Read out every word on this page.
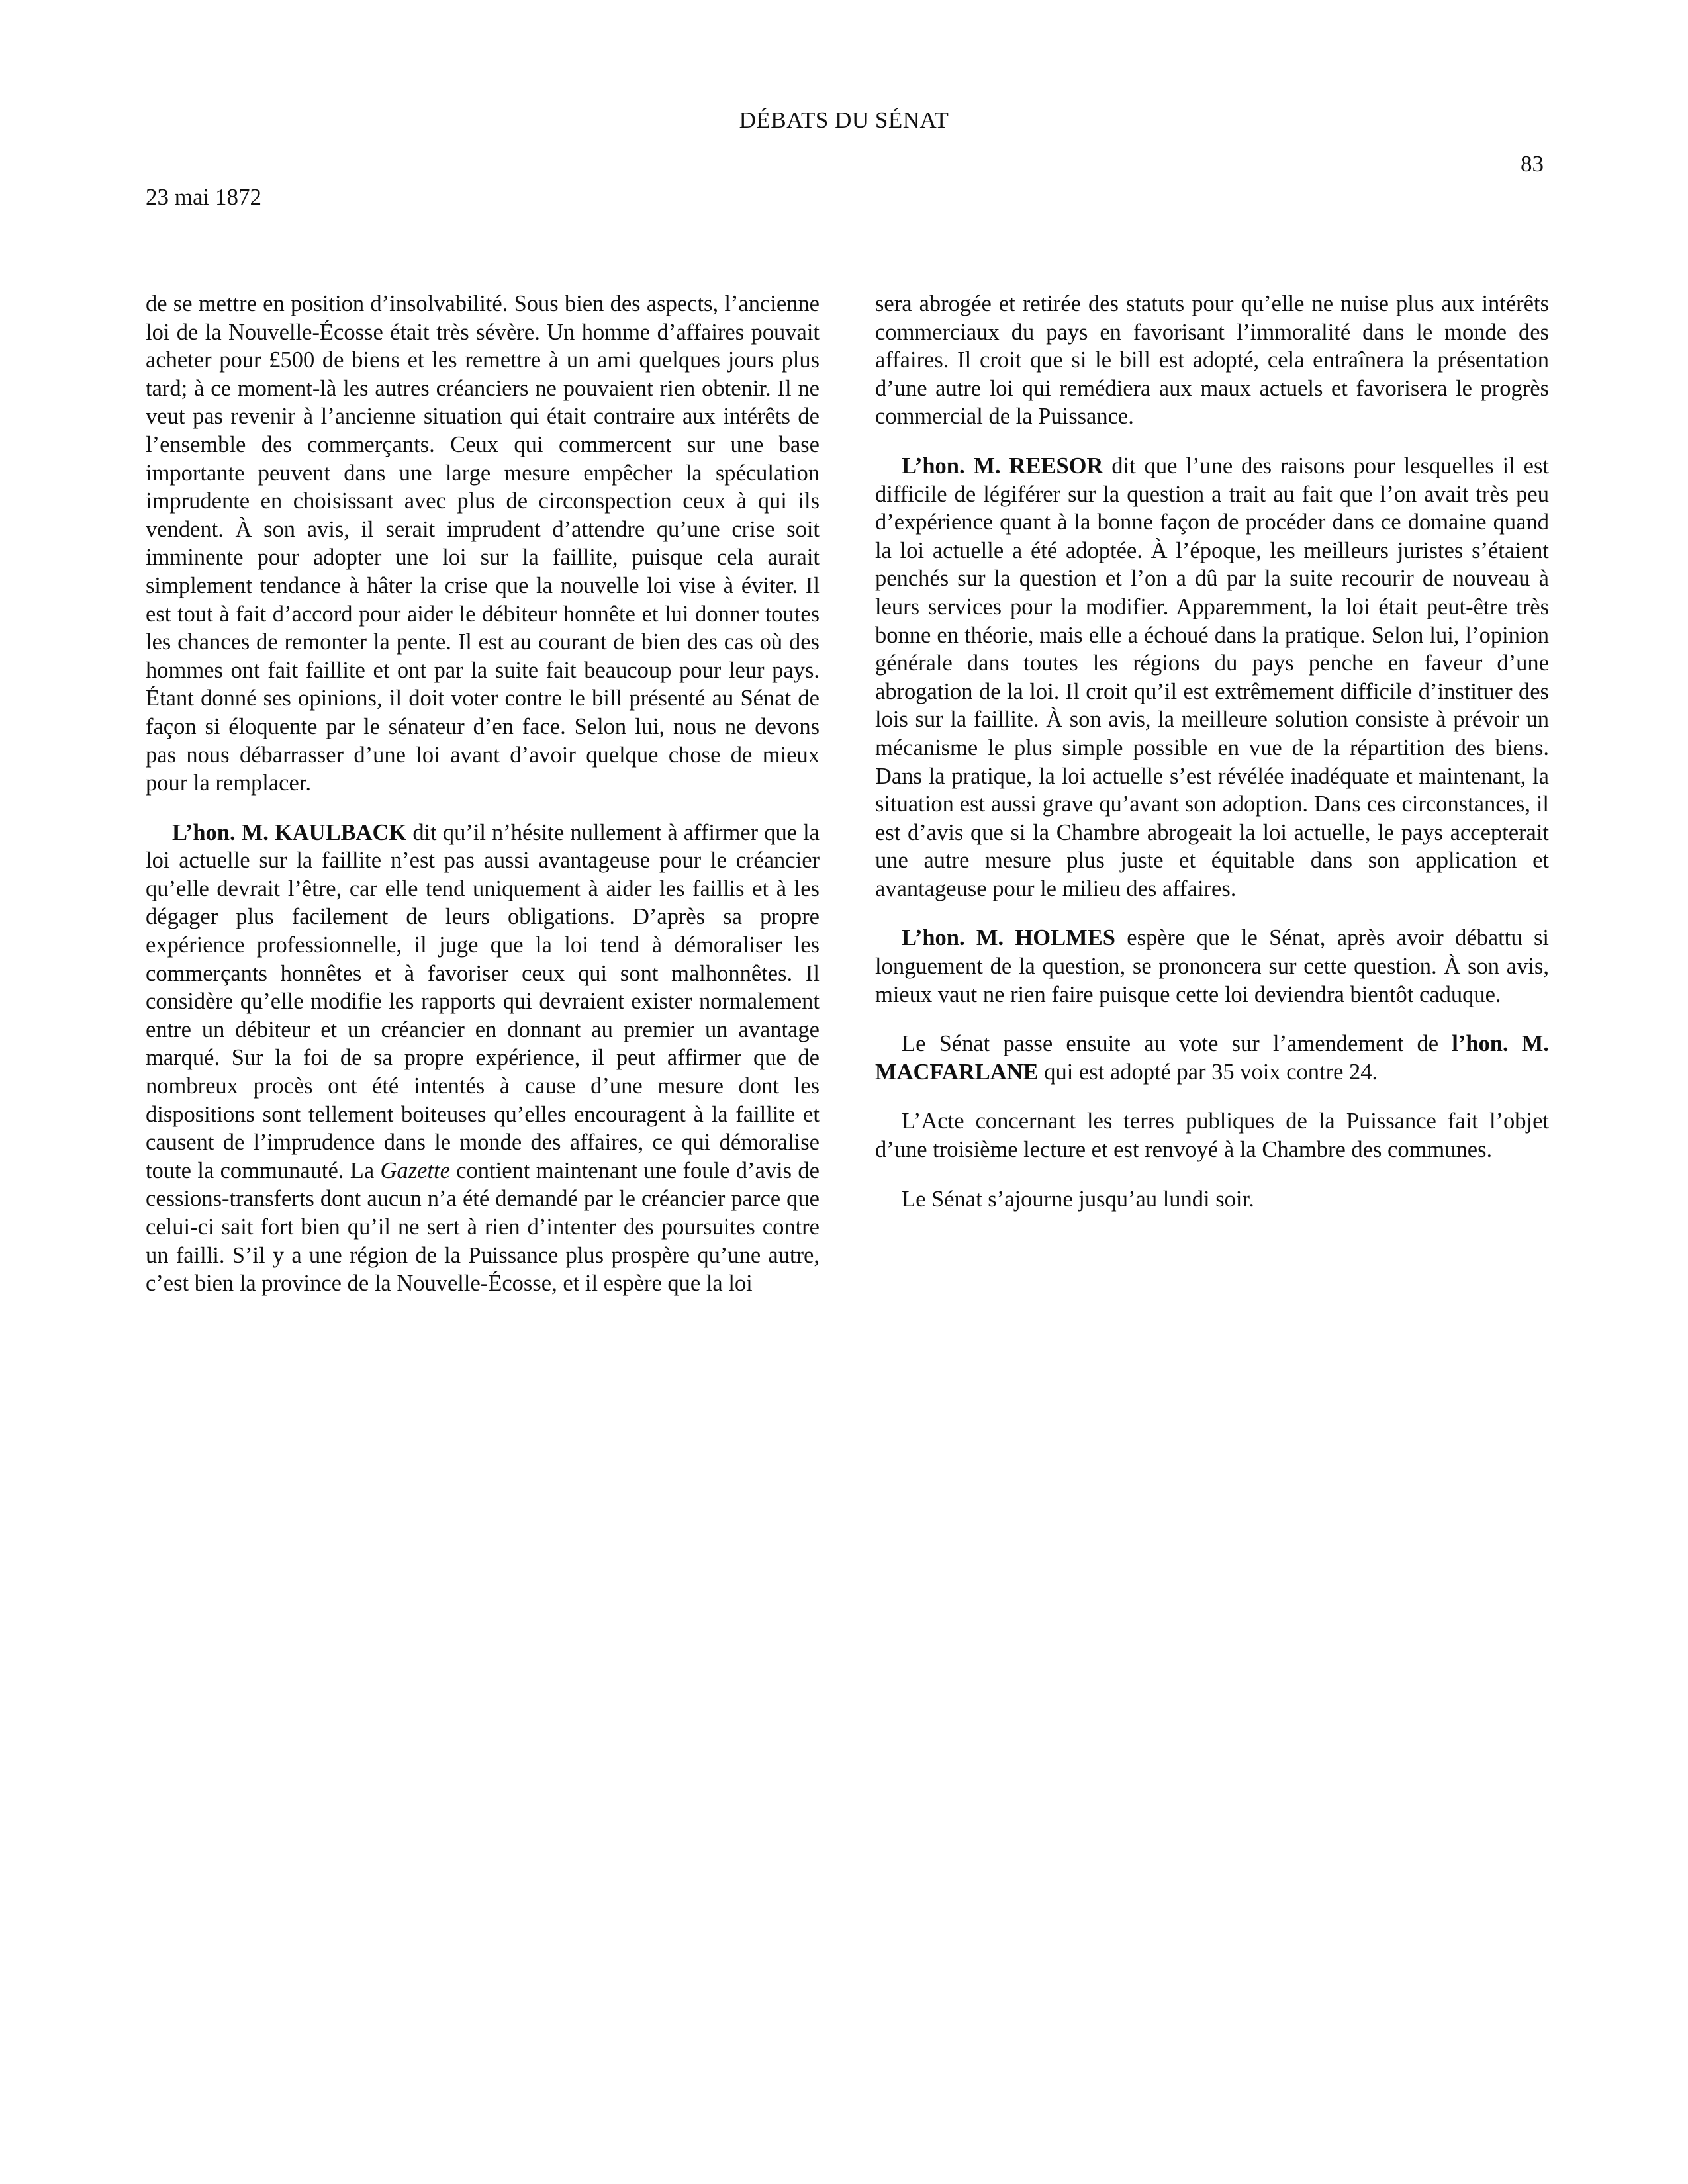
DÉBATS DU SÉNAT
83
23 mai 1872

de se mettre en position d’insolvabilité. Sous bien des aspects, l’ancienne loi de la Nouvelle-Écosse était très sévère. Un homme d’affaires pouvait acheter pour £500 de biens et les remettre à un ami quelques jours plus tard; à ce moment-là les autres créanciers ne pouvaient rien obtenir. Il ne veut pas revenir à l’ancienne situation qui était contraire aux intérêts de l’ensemble des commerçants. Ceux qui commercent sur une base importante peuvent dans une large mesure empêcher la spéculation imprudente en choisissant avec plus de circonspection ceux à qui ils vendent. À son avis, il serait imprudent d’attendre qu’une crise soit imminente pour adopter une loi sur la faillite, puisque cela aurait simplement tendance à hâter la crise que la nouvelle loi vise à éviter. Il est tout à fait d’accord pour aider le débiteur honnête et lui donner toutes les chances de remonter la pente. Il est au courant de bien des cas où des hommes ont fait faillite et ont par la suite fait beaucoup pour leur pays. Étant donné ses opinions, il doit voter contre le bill présenté au Sénat de façon si éloquente par le sénateur d’en face. Selon lui, nous ne devons pas nous débarrasser d’une loi avant d’avoir quelque chose de mieux pour la remplacer.

L’hon. M. KAULBACK dit qu’il n’hésite nullement à affirmer que la loi actuelle sur la faillite n’est pas aussi avantageuse pour le créancier qu’elle devrait l’être, car elle tend uniquement à aider les faillis et à les dégager plus facilement de leurs obligations. D’après sa propre expérience professionnelle, il juge que la loi tend à démoraliser les commerçants honnêtes et à favoriser ceux qui sont malhonnêtes. Il considère qu’elle modifie les rapports qui devraient exister normalement entre un débiteur et un créancier en donnant au premier un avantage marqué. Sur la foi de sa propre expérience, il peut affirmer que de nombreux procès ont été intentés à cause d’une mesure dont les dispositions sont tellement boiteuses qu’elles encouragent à la faillite et causent de l’imprudence dans le monde des affaires, ce qui démoralise toute la communauté. La Gazette contient maintenant une foule d’avis de cessions-transferts dont aucun n’a été demandé par le créancier parce que celui-ci sait fort bien qu’il ne sert à rien d’intenter des poursuites contre un failli. S’il y a une région de la Puissance plus prospère qu’une autre, c’est bien la province de la Nouvelle-Écosse, et il espère que la loi

sera abrogée et retirée des statuts pour qu’elle ne nuise plus aux intérêts commerciaux du pays en favorisant l’immoralité dans le monde des affaires. Il croit que si le bill est adopté, cela entraînera la présentation d’une autre loi qui remédiera aux maux actuels et favorisera le progrès commercial de la Puissance.

L’hon. M. REESOR dit que l’une des raisons pour lesquelles il est difficile de légiférer sur la question a trait au fait que l’on avait très peu d’expérience quant à la bonne façon de procéder dans ce domaine quand la loi actuelle a été adoptée. À l’époque, les meilleurs juristes s’étaient penchés sur la question et l’on a dû par la suite recourir de nouveau à leurs services pour la modifier. Apparemment, la loi était peut-être très bonne en théorie, mais elle a échoué dans la pratique. Selon lui, l’opinion générale dans toutes les régions du pays penche en faveur d’une abrogation de la loi. Il croit qu’il est extrêmement difficile d’instituer des lois sur la faillite. À son avis, la meilleure solution consiste à prévoir un mécanisme le plus simple possible en vue de la répartition des biens. Dans la pratique, la loi actuelle s’est révélée inadéquate et maintenant, la situation est aussi grave qu’avant son adoption. Dans ces circonstances, il est d’avis que si la Chambre abrogeait la loi actuelle, le pays accepterait une autre mesure plus juste et équitable dans son application et avantageuse pour le milieu des affaires.

L’hon. M. HOLMES espère que le Sénat, après avoir débattu si longuement de la question, se prononcera sur cette question. À son avis, mieux vaut ne rien faire puisque cette loi deviendra bientôt caduque.

Le Sénat passe ensuite au vote sur l’amendement de l’hon. M. MACFARLANE qui est adopté par 35 voix contre 24.

L’Acte concernant les terres publiques de la Puissance fait l’objet d’une troisième lecture et est renvoyé à la Chambre des communes.

Le Sénat s’ajourne jusqu’au lundi soir.
